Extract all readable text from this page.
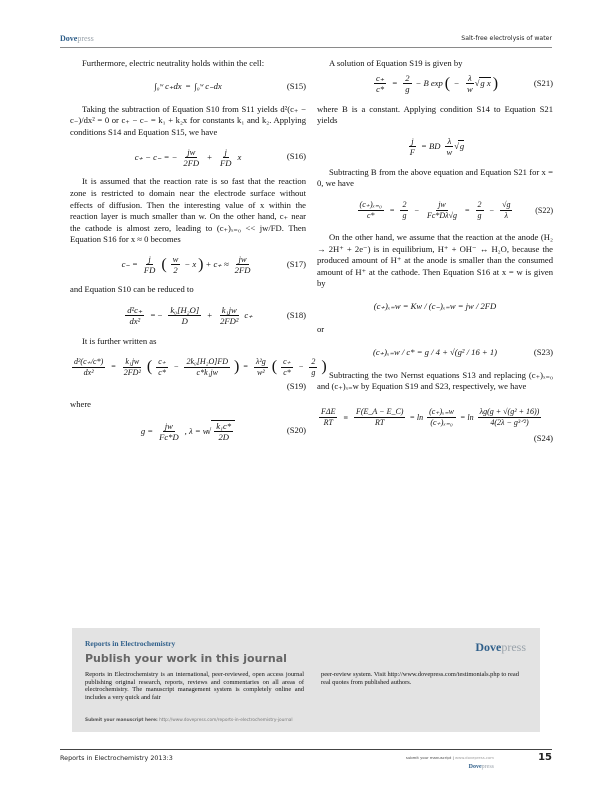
Dovepress	Salt-free electrolysis of water

Furthermore, electric neutrality holds within the cell:

∫₀ʷ c₊dx = ∫₀ʷ c₋dx	(S15)

Taking the subtraction of Equation S10 from S11 yields d²(c₊ − c₋)/dx² = 0 or c₊ − c₋ = k₁ + k₂x for constants k₁ and k₂. Applying conditions S14 and Equation S15, we have

c₊ − c₋ = − $\frac{jw}{2FD} + \frac{j}{FD}$ x	(S16)

It is assumed that the reaction rate is so fast that the reaction zone is restricted to domain near the electrode surface without effects of diffusion. Then the interesting value of x within the reaction layer is much smaller than w. On the other hand, c₊ near the cathode is almost zero, leading to (c₊)ₓ₌₀ << jw/FD. Then Equation S16 for x ≈ 0 becomes

$c_- = \frac{j}{FD}$ ( $\frac{w}{2} - x$ ) + $c_+ \approx \frac{jw}{2FD}$	(S17)

and Equation S10 can be reduced to

$\frac{\text{d²c₊}}{\text{dx²}}$ = − $\frac{\text{k₀[H₂O]}}{D} + \frac{\text{k₁jw}}{\text{2FD²}} c_+$	(S18)

It is further written as

$\frac{\text{d²(c₊/c*)}}{\text{dx²}} = \frac{\text{k₁jw}}{\text{2FD²}}$ ( $\frac{c_+}{c*} - \frac{\text{2k₀[H₂O]FD}}{\text{c*k₁jw}}$ ) = $\frac{\text{λ²g}}{\text{w²}}$ ( $\frac{c_+}{c*} - \frac{2}{g}$ )
(S19)

where

$g = \frac{jw}{Fc*D}$ , λ = w √ $\frac{\text{k₁c*}}{2D}$	(S20)

A solution of Equation S19 is given by

$\frac{c_+}{c*} = \frac{2}{g} - B$ exp ( − $\frac{\lambda}{w}$ √ g x )	(S21)

where B is a constant. Applying condition S14 to Equation S21 yields

$\frac{j}{F}$ = BD $\frac{\lambda}{w}$ √ g

Subtracting B from the above equation and Equation S21 for x = 0, we have

$\frac{\text{(c₊)ₓ₌₀}}{c*} = \frac{2}{g} - \frac{jw}{Fc*D\lambda√g} = \frac{2}{g} - \frac{√g}{\lambda}$	(S22)

On the other hand, we assume that the reaction at the anode (H₂ → 2H⁺ + 2e⁻) is in equilibrium, H⁺ + OH⁻ ↔ H₂O, because the produced amount of H⁺ at the anode is smaller than the consumed amount of H⁺ at the cathode. Then Equation S16 at x = w is given by

(c₊)ₓ₌w = Kw / (c₋)ₓ₌w = jw / 2FD

or

(c₊)ₓ₌w / c* = g / 4 + √(g² / 16 + 1)	(S23)

Subtracting the two Nernst equations S13 and replacing (c₊)ₓ₌₀ and (c₊)ₓ₌w by Equation S19 and S23, respectively, we have

$\frac{\text{FΔE}}{RT} \equiv \frac{F(E\_A - E\_C)}{RT} = \ln \frac{\text{(c₊)ₓ₌w}}{\text{(c₊)ₓ₌₀}} = \ln \frac{\text{λg(g + √(g² + 16))}}{\text{4(2λ − g³ᐟ²)}}$
(S24)
Reports in Electrochemistry
Publish your work in this journal
Dovepress
Reports in Electrochemistry is an international, peer-reviewed, open access journal publishing original research, reports, reviews and commentaries on all areas of electrochemistry. The manuscript management system is completely online and includes a very quick and fair
peer-review system. Visit http://www.dovepress.com/testimonials.php to read real quotes from published authors.
Submit your manuscript here: http://www.dovepress.com/reports-in-electrochemistry-journal
Reports in Electrochemistry 2013:3	submit your manuscript | www.dovepress.com	15
Dovepress
